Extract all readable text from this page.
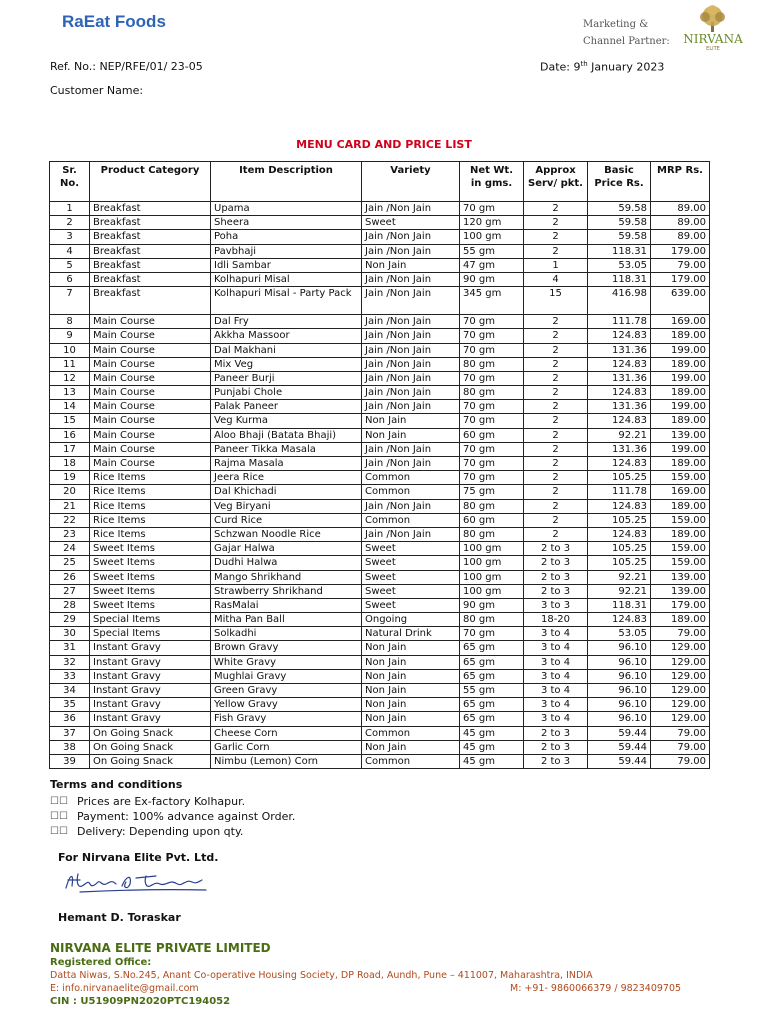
RaEat Foods	Marketing &
Channel Partner:	NIRVANA
ELITE
Ref. No.: NEP/RFE/01/ 23-05	Date: 9th January 2023
Customer Name:
MENU CARD AND PRICE LIST
Sr. No.	Product Category	Item Description	Variety	Net Wt. in gms.	Approx Serv/ pkt.	Basic Price Rs.	MRP Rs.
1	Breakfast	Upama	Jain /Non Jain	70 gm	2	59.58	89.00
2	Breakfast	Sheera	Sweet	120 gm	2	59.58	89.00
3	Breakfast	Poha	Jain /Non Jain	100 gm	2	59.58	89.00
4	Breakfast	Pavbhaji	Jain /Non Jain	55 gm	2	118.31	179.00
5	Breakfast	Idli Sambar	Non Jain	47 gm	1	53.05	79.00
6	Breakfast	Kolhapuri Misal	Jain /Non Jain	90 gm	4	118.31	179.00
7	Breakfast	Kolhapuri Misal - Party Pack	Jain /Non Jain	345 gm	15	416.98	639.00
8	Main Course	Dal Fry	Jain /Non Jain	70 gm	2	111.78	169.00
9	Main Course	Akkha Massoor	Jain /Non Jain	70 gm	2	124.83	189.00
10	Main Course	Dal Makhani	Jain /Non Jain	70 gm	2	131.36	199.00
11	Main Course	Mix Veg	Jain /Non Jain	80 gm	2	124.83	189.00
12	Main Course	Paneer Burji	Jain /Non Jain	70 gm	2	131.36	199.00
13	Main Course	Punjabi Chole	Jain /Non Jain	80 gm	2	124.83	189.00
14	Main Course	Palak Paneer	Jain /Non Jain	70 gm	2	131.36	199.00
15	Main Course	Veg Kurma	Non Jain	70 gm	2	124.83	189.00
16	Main Course	Aloo Bhaji (Batata Bhaji)	Non Jain	60 gm	2	92.21	139.00
17	Main Course	Paneer Tikka Masala	Jain /Non Jain	70 gm	2	131.36	199.00
18	Main Course	Rajma Masala	Jain /Non Jain	70 gm	2	124.83	189.00
19	Rice Items	Jeera Rice	Common	70 gm	2	105.25	159.00
20	Rice Items	Dal Khichadi	Common	75 gm	2	111.78	169.00
21	Rice Items	Veg Biryani	Jain /Non Jain	80 gm	2	124.83	189.00
22	Rice Items	Curd Rice	Common	60 gm	2	105.25	159.00
23	Rice Items	Schzwan Noodle Rice	Jain /Non Jain	80 gm	2	124.83	189.00
24	Sweet Items	Gajar Halwa	Sweet	100 gm	2 to 3	105.25	159.00
25	Sweet Items	Dudhi Halwa	Sweet	100 gm	2 to 3	105.25	159.00
26	Sweet Items	Mango Shrikhand	Sweet	100 gm	2 to 3	92.21	139.00
27	Sweet Items	Strawberry Shrikhand	Sweet	100 gm	2 to 3	92.21	139.00
28	Sweet Items	RasMalai	Sweet	90 gm	3 to 3	118.31	179.00
29	Special Items	Mitha Pan Ball	Ongoing	80 gm	18-20	124.83	189.00
30	Special Items	Solkadhi	Natural Drink	70 gm	3 to 4	53.05	79.00
31	Instant Gravy	Brown Gravy	Non Jain	65 gm	3 to 4	96.10	129.00
32	Instant Gravy	White Gravy	Non Jain	65 gm	3 to 4	96.10	129.00
33	Instant Gravy	Mughlai Gravy	Non Jain	65 gm	3 to 4	96.10	129.00
34	Instant Gravy	Green Gravy	Non Jain	55 gm	3 to 4	96.10	129.00
35	Instant Gravy	Yellow Gravy	Non Jain	65 gm	3 to 4	96.10	129.00
36	Instant Gravy	Fish Gravy	Non Jain	65 gm	3 to 4	96.10	129.00
37	On Going Snack	Cheese Corn	Common	45 gm	2 to 3	59.44	79.00
38	On Going Snack	Garlic Corn	Non Jain	45 gm	2 to 3	59.44	79.00
39	On Going Snack	Nimbu (Lemon) Corn	Common	45 gm	2 to 3	59.44	79.00
Terms and conditions
☐☐ Prices are Ex-factory Kolhapur.
☐☐ Payment: 100% advance against Order.
☐☐ Delivery: Depending upon qty.
For Nirvana Elite Pvt. Ltd.
Hemant D. Toraskar
NIRVANA ELITE PRIVATE LIMITED
Registered Office:
Datta Niwas, S.No.245, Anant Co-operative Housing Society, DP Road, Aundh, Pune – 411007, Maharashtra, INDIA
E: info.nirvanaelite@gmail.com	M: +91- 9860066379 / 9823409705
CIN : U51909PN2020PTC194052
